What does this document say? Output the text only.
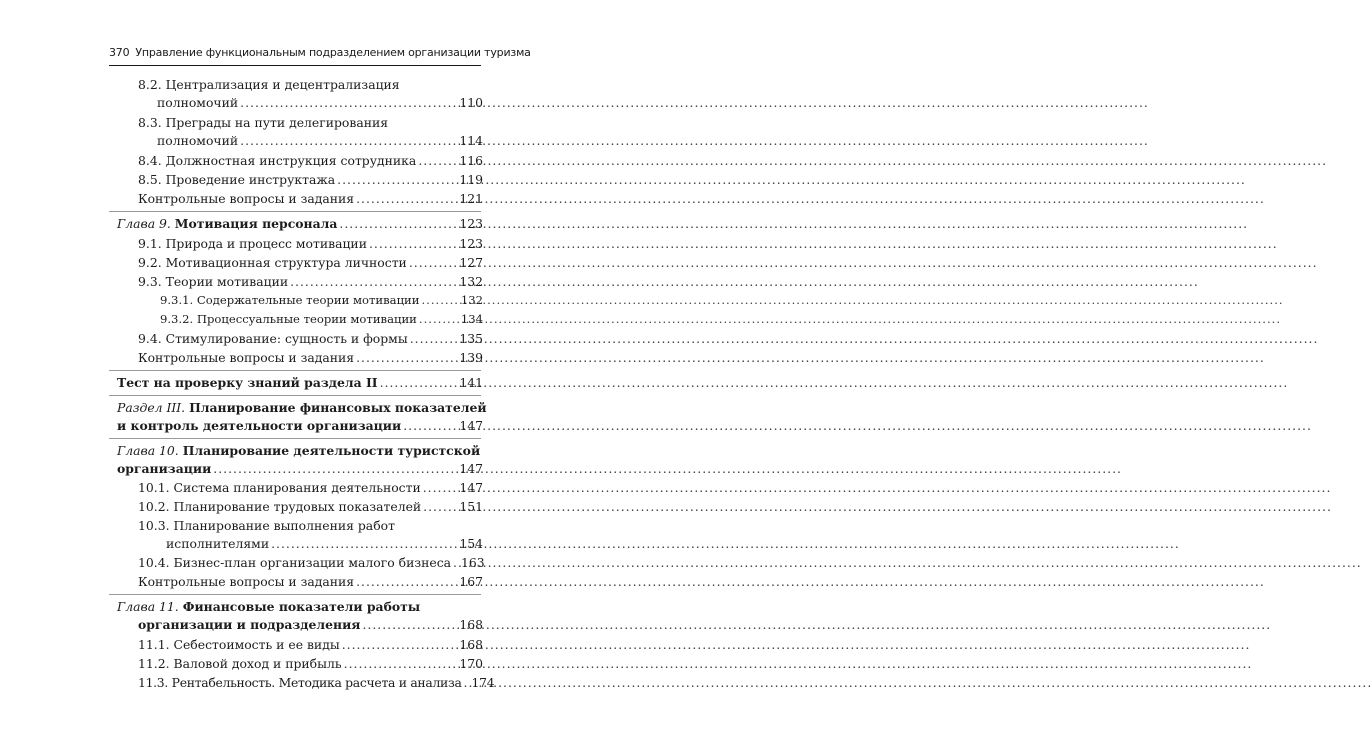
370 Управление функциональным подразделением организации туризма
8.2. Централизация и децентрализация
полномочий .....	110
8.3. Преграды на пути делегирования
полномочий .....	114
8.4. Должностная инструкция сотрудника .....	116
8.5. Проведение инструктажа .....	119
Контрольные вопросы и задания .....	121
Глава 9.
Мотивация персонала .....	123
9.1. Природа и процесс мотивации .....	123
9.2. Мотивационная структура личности .....	127
9.3. Теории мотивации .....	132
9.3.1. Содержательные теории мотивации .....	132
9.3.2. Процессуальные теории мотивации .....	134
9.4. Стимулирование: сущность и формы .....	135
Контрольные вопросы и задания .....	139
Тест на проверку знаний раздела II .....	141
Раздел III.
Планирование финансовых показателей
и контроль деятельности организации .....	147
Глава 10.
Планирование деятельности туристской
организации .....	147
10.1. Система планирования деятельности .....	147
10.2. Планирование трудовых показателей .....	151
10.3. Планирование выполнения работ
исполнителями .....	154
10.4. Бизнес-план организации малого бизнеса ..... 163
Контрольные вопросы и задания .....	167
Глава 11.
Финансовые показатели работы
организации и подразделения .....	168
11.1. Себестоимость и ее виды .....	168
11.2. Валовой доход и прибыль .....	170
11.3. Рентабельность. Методика расчета и анализа ..... 174
